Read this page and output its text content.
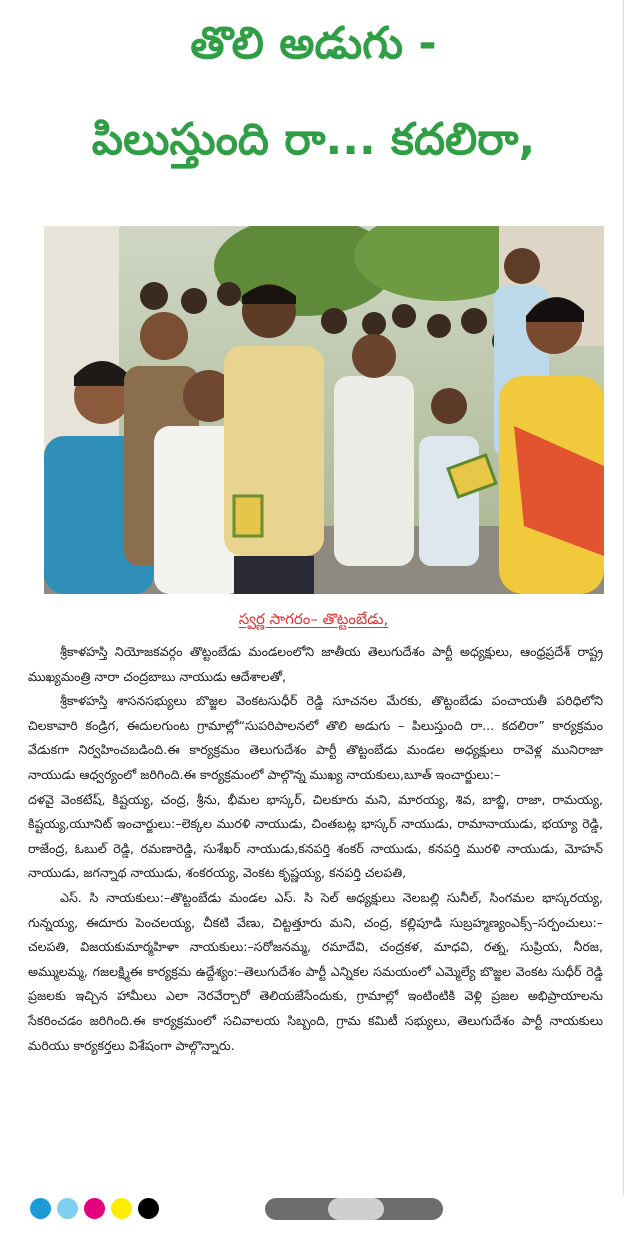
తొలి అడుగు -
పిలుస్తుంది రా... కదలిరా,
స్వర్ణ సాగరం– తొట్టంబేడు,

శ్రీకాళహస్తి నియోజకవర్గం తొట్టంబేడు మండలంలోని జాతీయ తెలుగుదేశం పార్టీ అధ్యక్షులు, ఆంధ్రప్రదేశ్ రాష్ట్ర ముఖ్యమంత్రి నారా చంద్రబాబు నాయుడు ఆదేశాలతో,

శ్రీకాళహస్తి శాసనసభ్యులు బొజ్జల వెంకటసుధీర్ రెడ్డి సూచనల మేరకు, తొట్టంబేడు పంచాయతీ పరిధిలోని చిలకావారి కండ్రిగ, ఈదులగుంట గ్రామాల్లో“సుపరిపాలనలో తొలి అడుగు – పిలుస్తుంది రా... కదలిరా” కార్యక్రమం వేడుకగా నిర్వహించబడింది.ఈ కార్యక్రమం తెలుగుదేశం పార్టీ తొట్టంబేడు మండల అధ్యక్షులు రావెళ్ల మునిరాజా నాయుడు ఆధ్వర్యంలో జరిగింది.ఈ కార్యక్రమంలో పాల్గొన్న ముఖ్య నాయకులు,బూత్ ఇంచార్జులు:–

దళవై వెంకటేష్, కిష్టయ్య, చంద్ర, శ్రీను, భీమల భాస్కర్, చిలకూరు మని, మారయ్య, శివ, బాబ్జి, రాజా, రామయ్య, కిష్టయ్య,యూనిట్ ఇంచార్జులు:–లెక్కల మురళి నాయుడు, చింతబట్ల భాస్కర్ నాయుడు, రామానాయుడు, భయ్యా రెడ్డి, రాజేంద్ర, ఓబుల్ రెడ్డి, రమణారెడ్డి, సుశేఖర్ నాయుడు,కనపర్తి శంకర్ నాయుడు, కనపర్తి మురళి నాయుడు, మోహన్ నాయుడు, జగన్నాథ నాయుడు, శంకరయ్య, వెంకట కృష్ణయ్య, కనపర్తి చలపతి,

ఎస్. సి నాయకులు:–తొట్టంబేడు మండల ఎస్. సి సెల్ అధ్యక్షులు నెలబల్లి సునీల్, సింగమల భాస్కరయ్య, గున్నయ్య, ఈదూరు పెంచలయ్య, చీకటి వేణు, చిట్టత్తూరు మని, చంద్ర, కల్లిపూడి సుబ్రహ్మణ్యంఎక్స్–సర్పంచులు:– చలపతి, విజయకుమార్మహిళా నాయకులు:–సరోజనమ్మ, రమాదేవి, చంద్రకళ, మాధవి, రత్న, సుప్రియ, నీరజ, అమ్ములమ్మ, గజలక్ష్మిఈ కార్యక్రమ ఉద్దేశ్యం:–తెలుగుదేశం పార్టీ ఎన్నికల సమయంలో ఎమ్మెల్యే బొజ్జల వెంకట సుధీర్ రెడ్డి ప్రజలకు ఇచ్చిన హామీలు ఎలా నెరవేర్చారో తెలియజేసేందుకు, గ్రామాల్లో ఇంటింటికి వెళ్లి ప్రజల అభిప్రాయాలను సేకరించడం జరిగింది.ఈ కార్యక్రమంలో సచివాలయ సిబ్బంది, గ్రామ కమిటీ సభ్యులు, తెలుగుదేశం పార్టీ నాయకులు మరియు కార్యకర్తలు విశేషంగా పాల్గొన్నారు.
